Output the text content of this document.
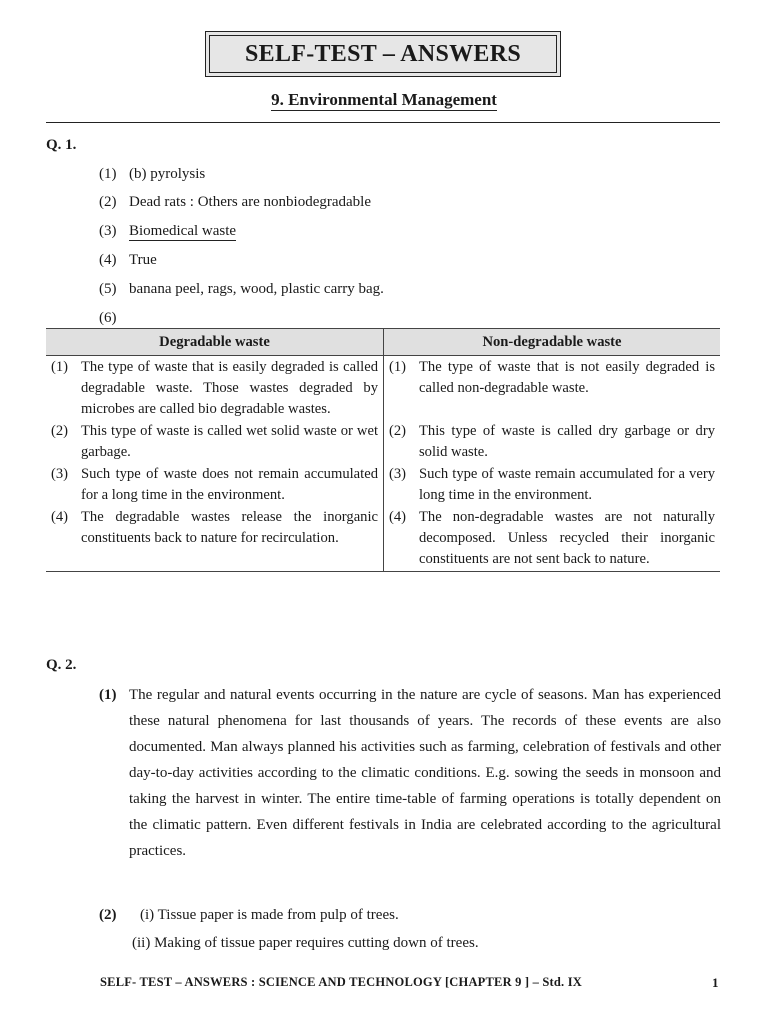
SELF-TEST – ANSWERS
9. Environmental Management
Q. 1.
(1) (b) pyrolysis
(2) Dead rats : Others are nonbiodegradable
(3) Biomedical waste
(4) True
(5) banana peel, rags, wood, plastic carry bag.
(6)
Degradable waste	Non-degradable waste

(1) The type of waste that is easily degraded is called degradable waste. Those wastes degraded by microbes are called bio degradable wastes.	(1) The type of waste that is not easily degraded is called non-degradable waste.

(2) This type of waste is called wet solid waste or wet garbage.	(2) This type of waste is called dry garbage or dry solid waste.

(3) Such type of waste does not remain accumulated for a long time in the environment.	(3) Such type of waste remain accumulated for a very long time in the environment.

(4) The degradable wastes release the inorganic constituents back to nature for recirculation.	(4) The non-degradable wastes are not naturally decomposed. Unless recycled their inorganic constituents are not sent back to nature.
Q. 2.
(1) The regular and natural events occurring in the nature are cycle of seasons. Man has experienced these natural phenomena for last thousands of years. The records of these events are also documented. Man always planned his activities such as farming, celebration of festivals and other day-to-day activities according to the climatic conditions. E.g. sowing the seeds in monsoon and taking the harvest in winter. The entire time-table of farming operations is totally dependent on the climatic pattern. Even different festivals in India are celebrated according to the agricultural practices.
(2) (i) Tissue paper is made from pulp of trees.
(ii) Making of tissue paper requires cutting down of trees.
SELF- TEST – ANSWERS : SCIENCE AND TECHNOLOGY [CHAPTER 9 ] – Std. IX	1
